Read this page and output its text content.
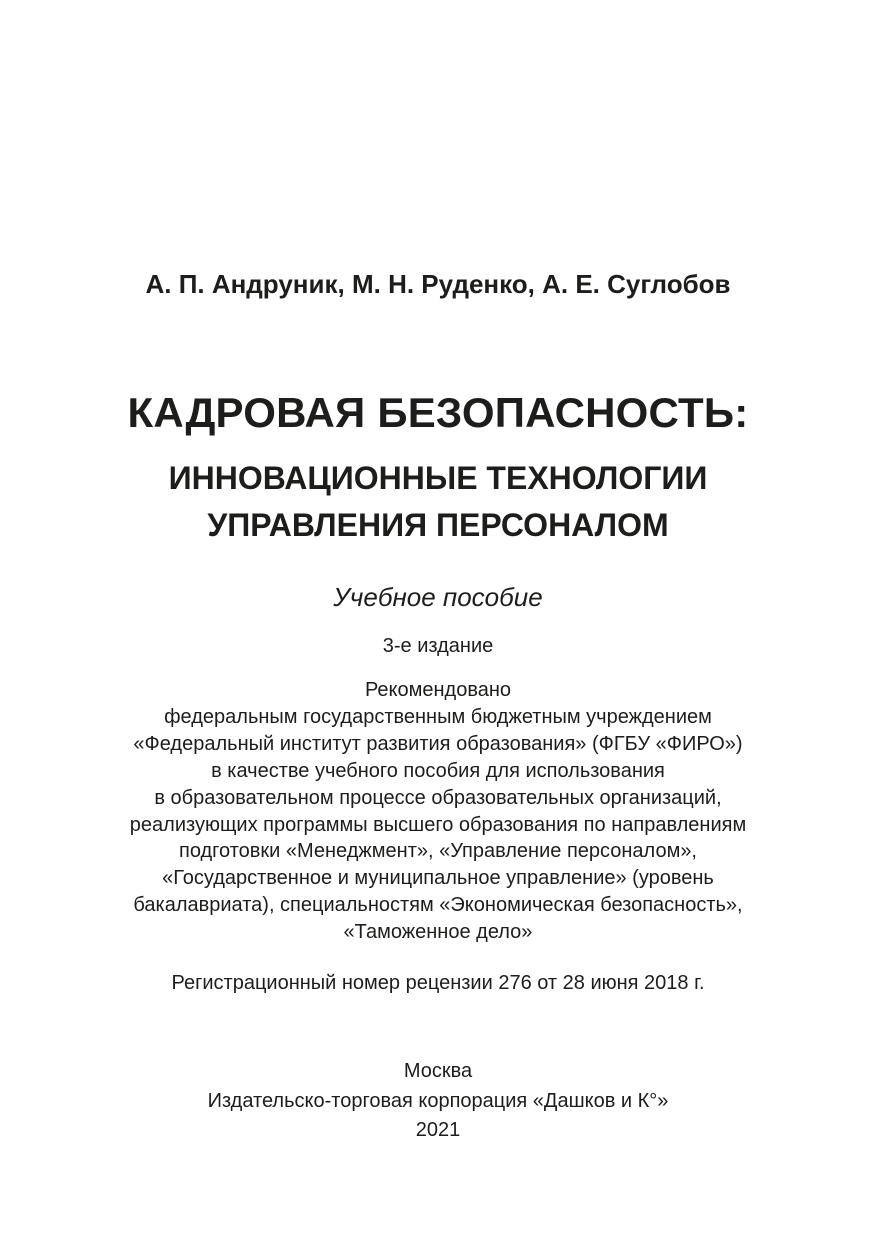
А. П. Андруник, М. Н. Руденко, А. Е. Суглобов
КАДРОВАЯ БЕЗОПАСНОСТЬ:
ИННОВАЦИОННЫЕ ТЕХНОЛОГИИ
УПРАВЛЕНИЯ ПЕРСОНАЛОМ
Учебное пособие
3-е издание
Рекомендовано
федеральным государственным бюджетным учреждением
«Федеральный институт развития образования» (ФГБУ «ФИРО»)
в качестве учебного пособия для использования
в образовательном процессе образовательных организаций,
реализующих программы высшего образования по направлениям
подготовки «Менеджмент», «Управление персоналом»,
«Государственное и муниципальное управление» (уровень
бакалавриата), специальностям «Экономическая безопасность»,
«Таможенное дело»
Регистрационный номер рецензии 276 от 28 июня 2018 г.
Москва
Издательско-торговая корпорация «Дашков и К°»
2021
